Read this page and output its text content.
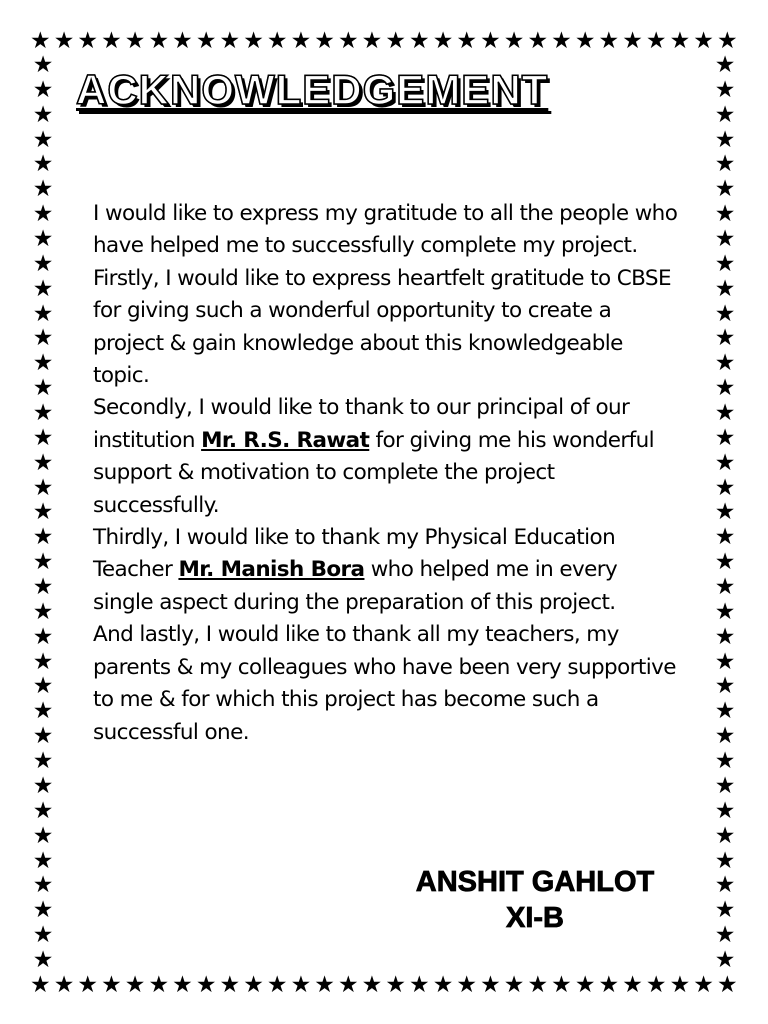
★ ★ ★ ★ ★ ★ ★ ★ ★ ★ ★ ★ ★ ★ ★ ★ ★ ★ ★ ★ ★ ★ ★ ★ ★ ★ ★ ★ ★ ★
★ ★ ★ ★ ★ ★ ★ ★ ★ ★ ★ ★ ★ ★ ★ ★ ★ ★ ★ ★ ★ ★ ★ ★ ★ ★ ★ ★ ★ ★
★
★
★
★
★
★
★
★
★
★
★
★
★
★
★
★
★
★
★
★
★
★
★
★
★
★
★
★
★
★
★
★
★
★
★
★
★
★
★
★
★
★
★
★
★
★
★
★
★
★
★
★
★
★
★
★
★
★
★
★
★
★
★
★
★
★
★
★
★
★
★
★
★
★
ACKNOWLEDGEMENT

I would like to express my gratitude to all the people who have helped me to successfully complete my project.

Firstly, I would like to express heartfelt gratitude to CBSE for giving such a wonderful opportunity to create a project & gain knowledge about this knowledgeable topic.

Secondly, I would like to thank to our principal of our institution Mr. R.S. Rawat for giving me his wonderful support & motivation to complete the project successfully.

Thirdly, I would like to thank my Physical Education Teacher Mr. Manish Bora who helped me in every single aspect during the preparation of this project.

And lastly, I would like to thank all my teachers, my parents & my colleagues who have been very supportive to me & for which this project has become such a successful one.

ANSHIT GAHLOT
XI-B
